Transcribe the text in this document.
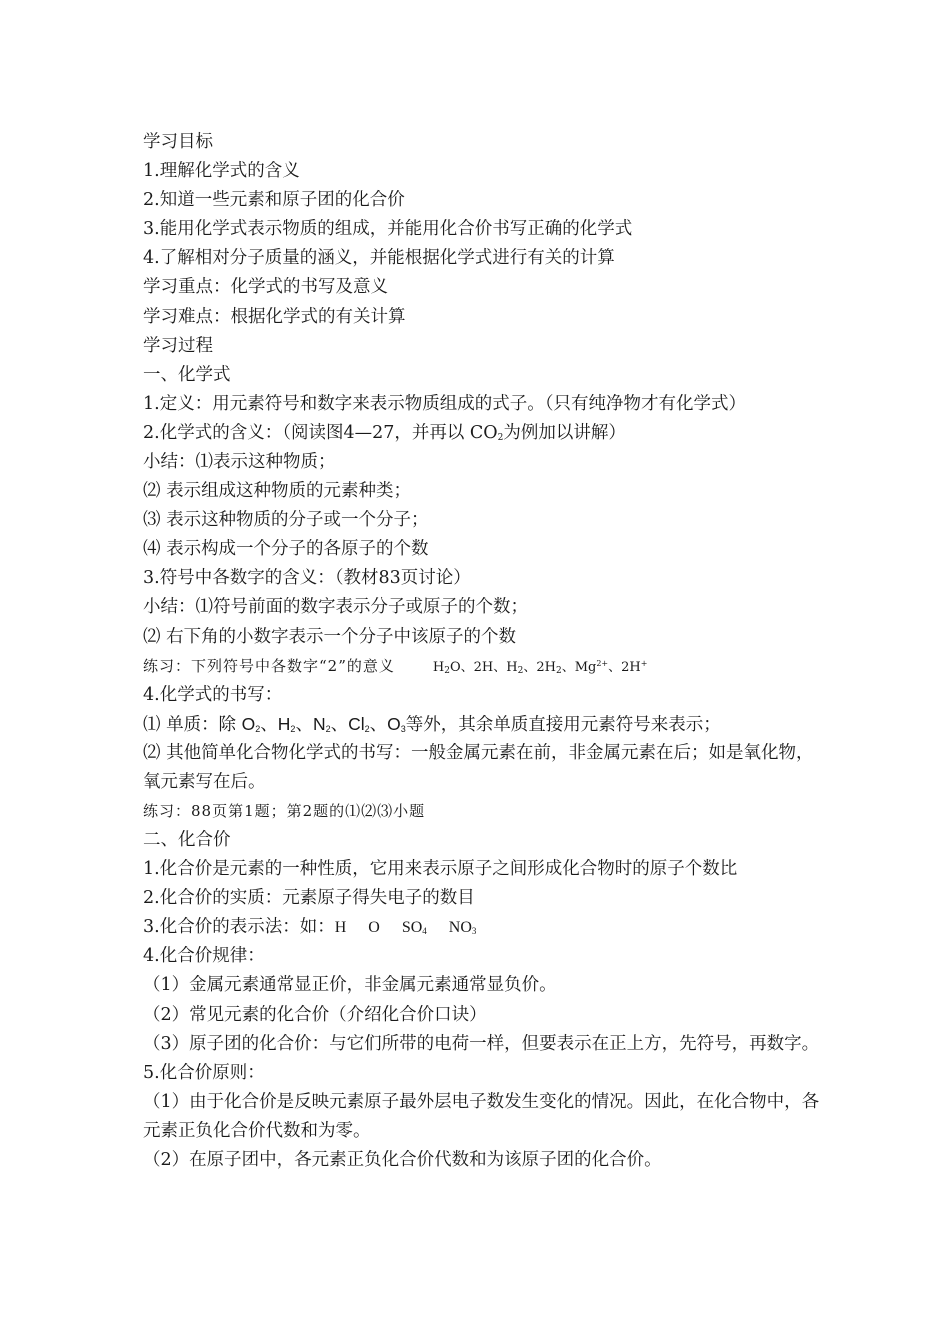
学习目标
1.理解化学式的含义
2.知道一些元素和原子团的化合价
3.能用化学式表示物质的组成，并能用化合价书写正确的化学式
4.了解相对分子质量的涵义，并能根据化学式进行有关的计算
学习重点：化学式的书写及意义
学习难点：根据化学式的有关计算
学习过程
一、化学式
1.定义：用元素符号和数字来表示物质组成的式子。（只有纯净物才有化学式）
2.化学式的含义：（阅读图4—27，并再以 $CO_2$为例加以讲解）
小结：⑴表示这种物质；
⑵ 表示组成这种物质的元素种类；
⑶ 表示这种物质的分子或一个分子；
⑷ 表示构成一个分子的各原子的个数
3.符号中各数字的含义：（教材83页讨论）
小结：⑴符号前面的数字表示分子或原子的个数；
⑵ 右下角的小数字表示一个分子中该原子的个数
练习：下列符号中各数字“2”的意义	$H_2O$、2H、$H_2$、$2H_2$、$Mg^{2+}$、2H+
4.化学式的书写：
⑴ 单质：除 $O_2$、$H_2$、$N_2$、$Cl_2$、$O_3$等外，其余单质直接用元素符号来表示；
⑵ 其他简单化合物化学式的书写：一般金属元素在前，非金属元素在后；如是氧化物，氧元素写在后。
练习：88页第1题；第2题的⑴⑵⑶小题
二、化合价
1.化合价是元素的一种性质，它用来表示原子之间形成化合物时的原子个数比
2.化合价的实质：元素原子得失电子的数目
3.化合价的表示法：如：H O $SO_4$ $NO_3$
4.化合价规律：
（1）金属元素通常显正价，非金属元素通常显负价。
（2）常见元素的化合价（介绍化合价口诀）
（3）原子团的化合价：与它们所带的电荷一样，但要表示在正上方，先符号，再数字。
5.化合价原则：
（1）由于化合价是反映元素原子最外层电子数发生变化的情况。因此，在化合物中，各元素正负化合价代数和为零。
（2）在原子团中，各元素正负化合价代数和为该原子团的化合价。
